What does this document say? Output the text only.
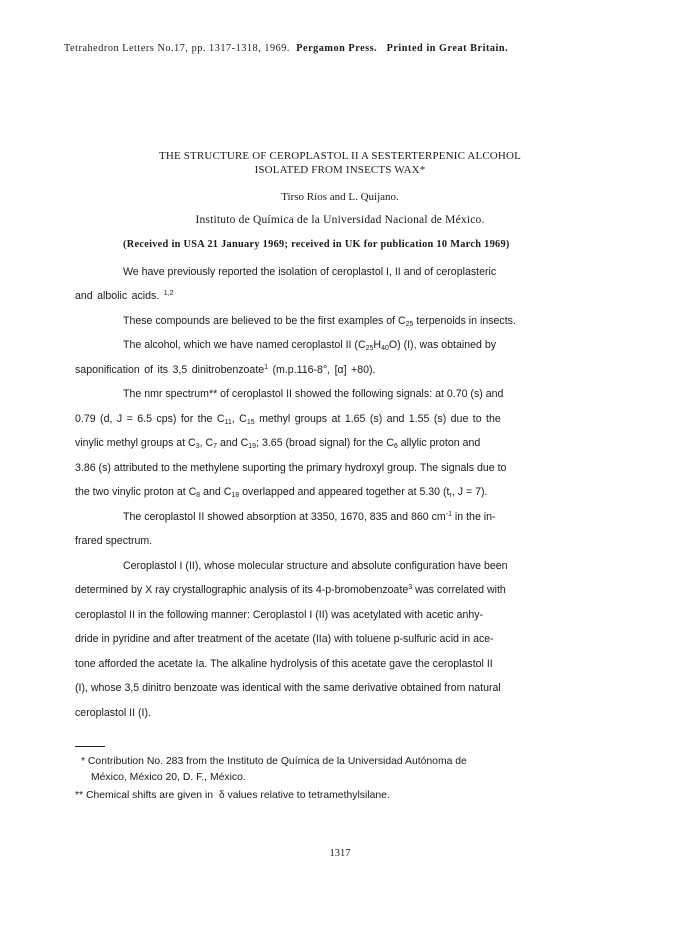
Tetrahedron Letters No.17, pp. 1317-1318, 1969. Pergamon Press. Printed in Great Britain.
THE STRUCTURE OF CEROPLASTOL II A SESTERTERPENIC ALCOHOL
ISOLATED FROM INSECTS WAX*
Tirso Ríos and L. Quijano.
Instituto de Química de la Universidad Nacional de México.
(Received in USA 21 January 1969; received in UK for publication 10 March 1969)
We have previously reported the isolation of ceroplastol I, II and of ceroplasteric
and albolic acids. $^{1,2}$
These compounds are believed to be the first examples of C25 terpenoids in insects.
The alcohol, which we have named ceroplastol II (C25H40O) (I), was obtained by
saponification of its 3,5 dinitrobenzoate$^1$ (m.p.116-8°, [α] +80).
The nmr spectrum** of ceroplastol II showed the following signals: at 0.70 (s) and
0.79 (d, J = 6.5 cps) for the C11, C15 methyl groups at 1.65 (s) and 1.55 (s) due to the
vinylic methyl groups at C3, C7 and C19; 3.65 (broad signal) for the C6 allylic proton and
3.86 (s) attributed to the methylene suporting the primary hydroxyl group. The signals due to
the two vinylic proton at C8 and C18 overlapped and appeared together at 5.30 (tr, J = 7).
The ceroplastol II showed absorption at 3350, 1670, 835 and 860 $cm^{-1}$ in the in-
frared spectrum.
Ceroplastol I (II), whose molecular structure and absolute configuration have been
determined by X ray crystallographic analysis of its 4-p-bromobenzoate$^3$ was correlated with
ceroplastol II in the following manner: Ceroplastol I (II) was acetylated with acetic anhy-
dride in pyridine and after treatment of the acetate (IIa) with toluene p-sulfuric acid in ace-
tone afforded the acetate Ia. The alkaline hydrolysis of this acetate gave the ceroplastol II
(I), whose 3,5 dinitro benzoate was identical with the same derivative obtained from natural
ceroplastol II (I).
* Contribution No. 283 from the Instituto de Química de la Universidad Autónoma de
México, México 20, D. F., México.
** Chemical shifts are given in δ values relative to tetramethylsilane.
1317
